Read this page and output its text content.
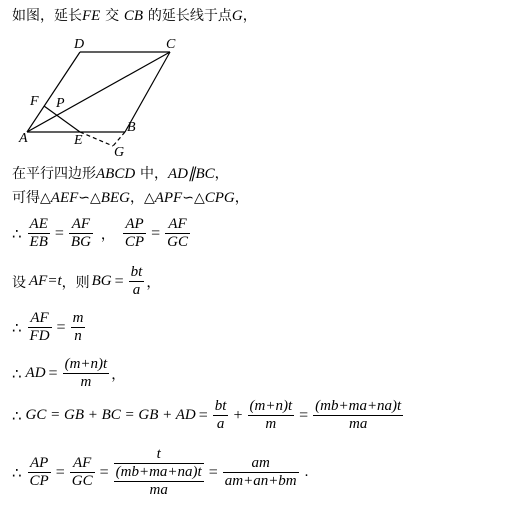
如图，延长FE 交 CB 的延长线于点G，
D	C
F P
A	E
B
G
在平行四边形ABCD 中，AD∥BC，
可得△AEF∽△BEG，△APF∽△CPG，
∴ $\frac{AE}{EB} = \frac{AF}{BG}$ ， $\frac{AP}{CP} = \frac{AF}{GC}$
设 AF=t ，则 BG = $\frac{bt}{a}$ ，
∴ $\frac{AF}{FD} = \frac{m}{n}$
∴ AD = $\frac{(m+n)t}{m}$ ，
∴ GC = GB + BC = GB + AD = $\frac{bt}{a} + \frac{(m+n)t}{m} = \frac{(mb+ma+na)t}{ma}$
∴ $\frac{AP}{CP} = \frac{AF}{GC} = \frac{t}{\frac{(mb+ma+na)t}{ma}} = \frac{am}{am+an+bm}$ .
